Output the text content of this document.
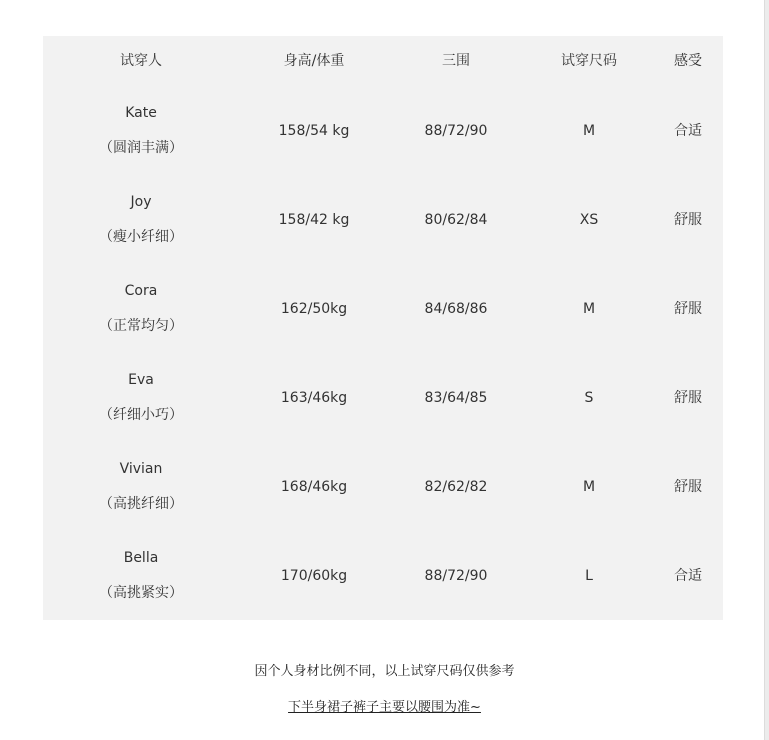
试穿人	身高/体重	三围	试穿尺码	感受
Kate
（圆润丰满）
158/54 kg	88/72/90	M	合适
Joy
（瘦小纤细）
158/42 kg	80/62/84	XS	舒服
Cora
（正常均匀）
162/50kg	84/68/86	M	舒服
Eva
（纤细小巧）
163/46kg	83/64/85	S	舒服
Vivian
（高挑纤细）
168/46kg	82/62/82	M	舒服
Bella
（高挑紧实）
170/60kg	88/72/90	L	合适
因个人身材比例不同，以上试穿尺码仅供参考
下半身裙子裤子主要以腰围为准~
